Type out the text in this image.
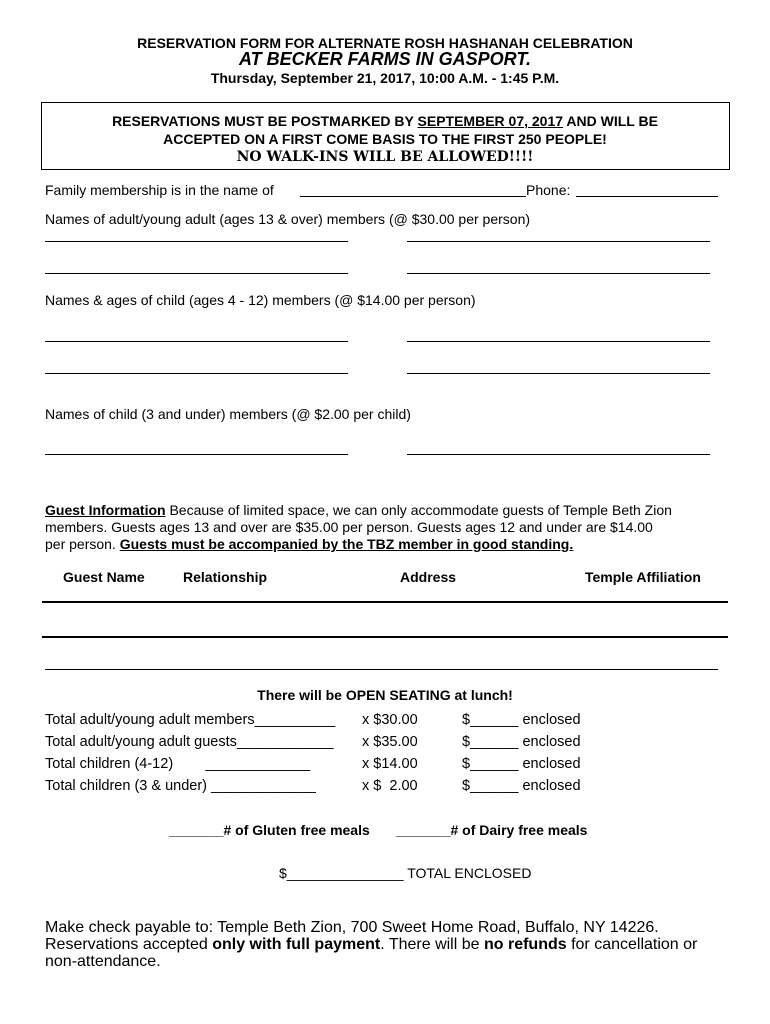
RESERVATION FORM FOR ALTERNATE ROSH HASHANAH CELEBRATION
AT BECKER FARMS IN GASPORT.
Thursday, September 21, 2017, 10:00 A.M. - 1:45 P.M.
RESERVATIONS MUST BE POSTMARKED BY SEPTEMBER 07, 2017 AND WILL BE
ACCEPTED ON A FIRST COME BASIS TO THE FIRST 250 PEOPLE!
NO WALK-INS WILL BE ALLOWED!!!!
Family membership is in the name of	Phone:
Names of adult/young adult (ages 13 & over) members (@ $30.00 per person)
Names & ages of child (ages 4 - 12) members (@ $14.00 per person)
Names of child (3 and under) members (@ $2.00 per child)
Guest Information Because of limited space, we can only accommodate guests of Temple Beth Zion
members. Guests ages 13 and over are $35.00 per person. Guests ages 12 and under are $14.00
per person. Guests must be accompanied by the TBZ member in good standing.
Guest Name	Relationship	Address	Temple Affiliation
There will be OPEN SEATING at lunch!
Total adult/young adult members__________ x $30.00	$______ enclosed
Total adult/young adult guests____________ x $35.00	$______ enclosed
Total children (4-12)        _____________	x $14.00	$______ enclosed
Total children (3 & under) _____________	x $  2.00	$______ enclosed
_______# of Gluten free meals _______# of Dairy free meals
$_______________ TOTAL ENCLOSED
Make check payable to: Temple Beth Zion, 700 Sweet Home Road, Buffalo, NY 14226.
Reservations accepted only with full payment. There will be no refunds for cancellation or
non-attendance.
